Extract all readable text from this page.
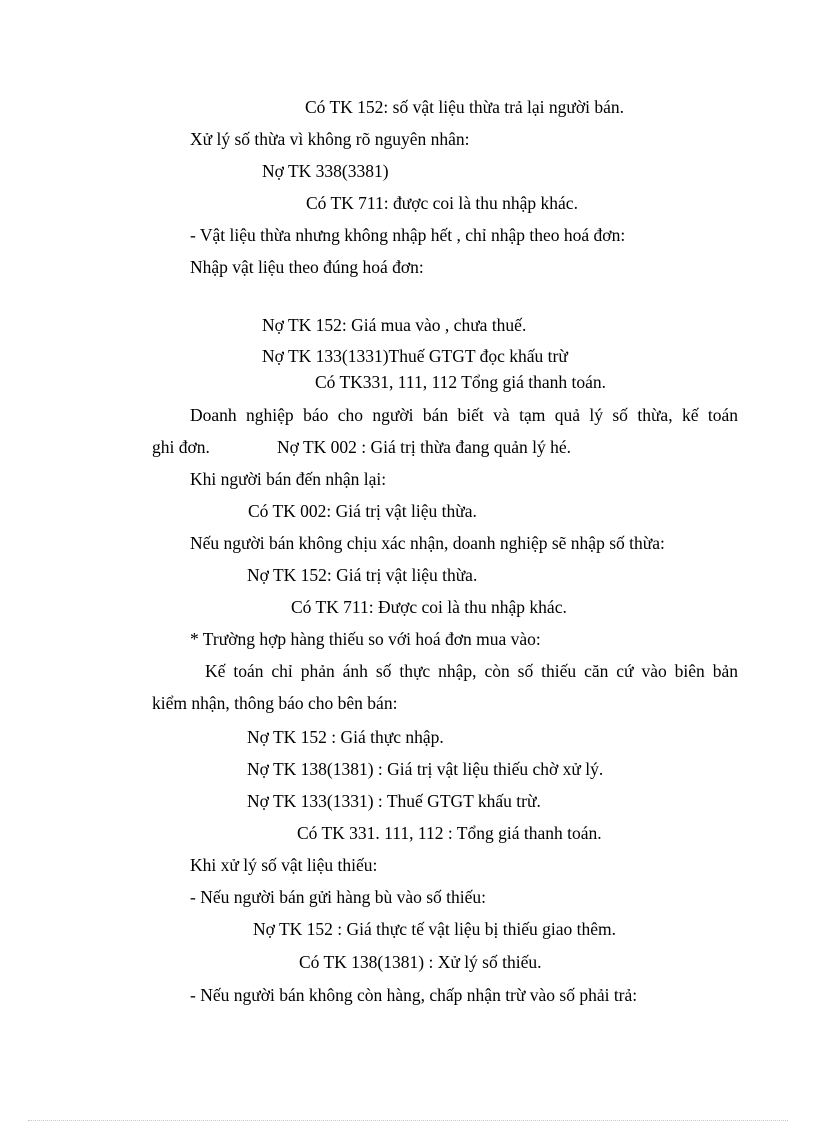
Có TK 152: số vật liệu thừa trả lại người bán.
Xử lý số thừa vì không rõ nguyên nhân:
Nợ TK 338(3381)
Có TK 711: được coi là thu nhập khác.
- Vật liệu thừa nhưng không nhập hết , chỉ nhập theo hoá đơn:
Nhập vật liệu theo đúng hoá đơn:
Nợ TK 152: Giá mua vào , chưa thuế.
Nợ TK 133(1331)Thuế GTGT đọc khấu trừ
Có TK331, 111, 112 Tổng giá thanh toán.
Doanh nghiệp báo cho người bán biết và tạm quả lý số thừa, kế toán
ghi đơn.	Nợ TK 002 : Giá trị thừa đang quản lý hé.
Khi người bán đến nhận lại:
Có TK 002: Giá trị vật liệu thừa.
Nếu người bán không chịu xác nhận, doanh nghiệp sẽ nhập số thừa:
Nợ TK 152: Giá trị vật liệu thừa.
Có TK 711: Được coi là thu nhập khác.
* Trường hợp hàng thiếu so với hoá đơn mua vào:
Kế toán chỉ phản ánh số thực nhập, còn số thiếu căn cứ vào biên bản
kiểm nhận, thông báo cho bên bán:
Nợ TK 152 : Giá thực nhập.
Nợ TK 138(1381) : Giá trị vật liệu thiếu chờ xử lý.
Nợ TK 133(1331) : Thuế GTGT khấu trừ.
Có TK 331. 111, 112 : Tổng giá thanh toán.
Khi xử lý số vật liệu thiếu:
- Nếu người bán gửi hàng bù vào số thiếu:
Nợ TK 152 : Giá thực tế vật liệu bị thiếu giao thêm.
Có TK 138(1381) : Xử lý số thiếu.
- Nếu người bán không còn hàng, chấp nhận trừ vào số phải trả:
